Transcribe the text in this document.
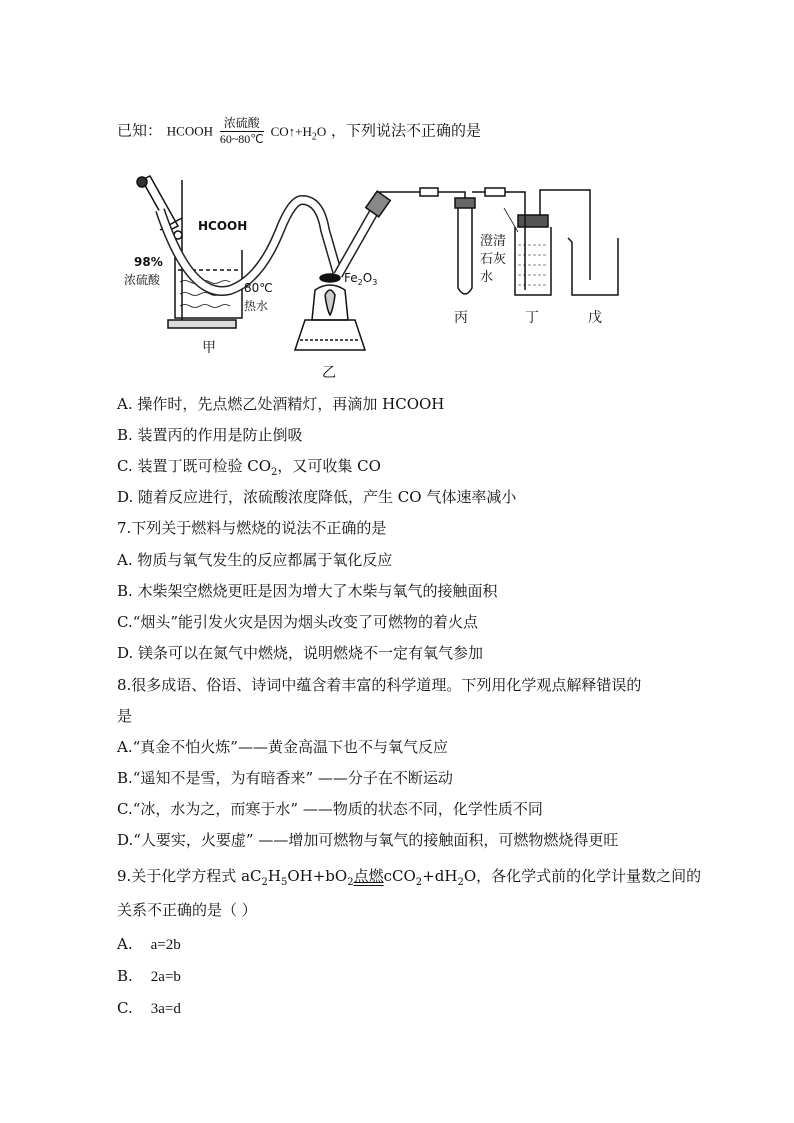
已知： HCOOH $\frac{\text{浓硫酸}}{60\sim 80℃}$ $CO↑+H_2O$ ，下列说法不正确的是
HCOOH
98%
浓硫酸
80℃
热水
$Fe_2O_3$
澄清
石灰
水
甲
乙
丙	丁	戊
A. 操作时，先点燃乙处酒精灯，再滴加 HCOOH
B. 装置丙的作用是防止倒吸
C. 装置丁既可检验 $CO_2$，又可收集 CO
D. 随着反应进行，浓硫酸浓度降低，产生 CO 气体速率减小
7.下列关于燃料与燃烧的说法不正确的是
A. 物质与氧气发生的反应都属于氧化反应
B. 木柴架空燃烧更旺是因为增大了木柴与氧气的接触面积
C.“烟头”能引发火灾是因为烟头改变了可燃物的着火点
D. 镁条可以在氮气中燃烧，说明燃烧不一定有氧气参加
8.很多成语、俗语、诗词中蕴含着丰富的科学道理。下列用化学观点解释错误的
是
A.“真金不怕火炼”——黄金高温下也不与氧气反应
B.“遥知不是雪，为有暗香来” ——分子在不断运动
C.“冰，水为之，而寒于水” ——物质的状态不同，化学性质不同
D.“人要实，火要虚” ——增加可燃物与氧气的接触面积，可燃物燃烧得更旺
9.关于化学方程式 $aC_2H_5OH+bO_2$点燃$cCO_2+dH_2O$，各化学式前的化学计量数之间的
关系不正确的是（ ）
A. a=2b
B. 2a=b
C. 3a=d
